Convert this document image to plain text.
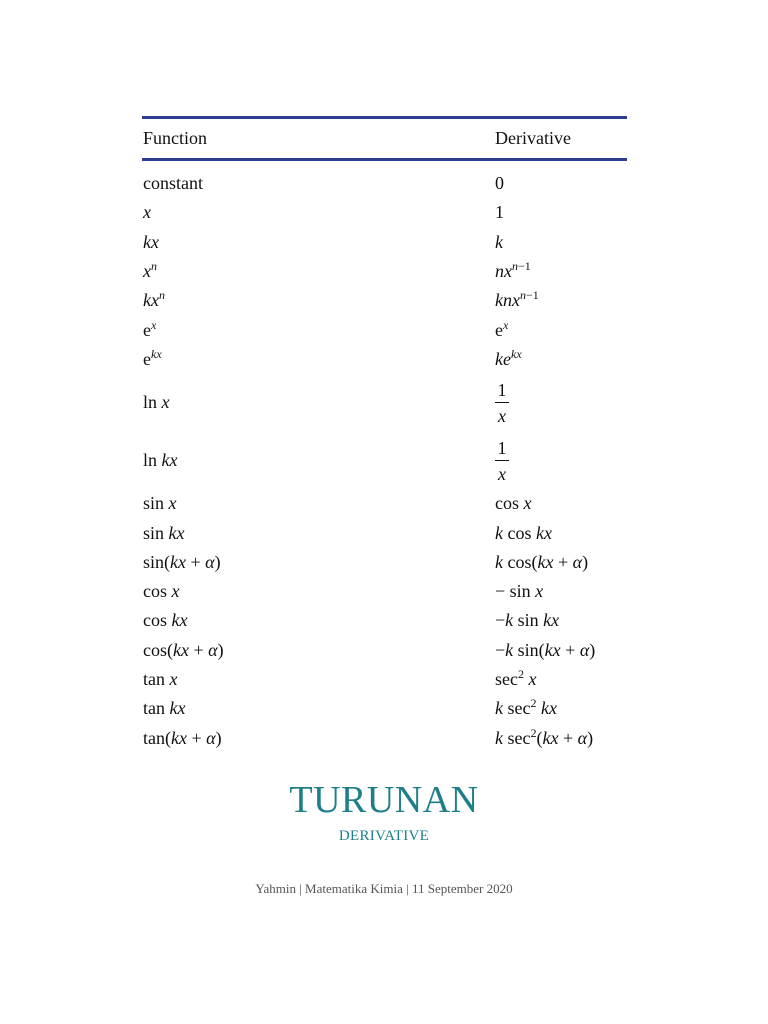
Function	Derivative
constant	0
x	1
kx	k
$x^n$	$nx^{n-1}$
$kx^n$	knx$^{n-1}$
$e^x$	$e^x$
$e^{kx}$	$ke^{kx}$
ln x	$\frac{1}{x}$
ln kx	$\frac{1}{x}$
sin x	cos x
sin kx	k cos kx
sin(kx + α)	k cos(kx + α)
cos x	− sin x
cos kx	−k sin kx
cos(kx + α)	−k sin(kx + α)
tan x	$\sec^2 x$
tan kx	k $\sec^2$ kx
tan(kx + α)	k $\sec^2(kx + \alpha)$
TURUNAN
DERIVATIVE
Yahmin | Matematika Kimia | 11 September 2020
